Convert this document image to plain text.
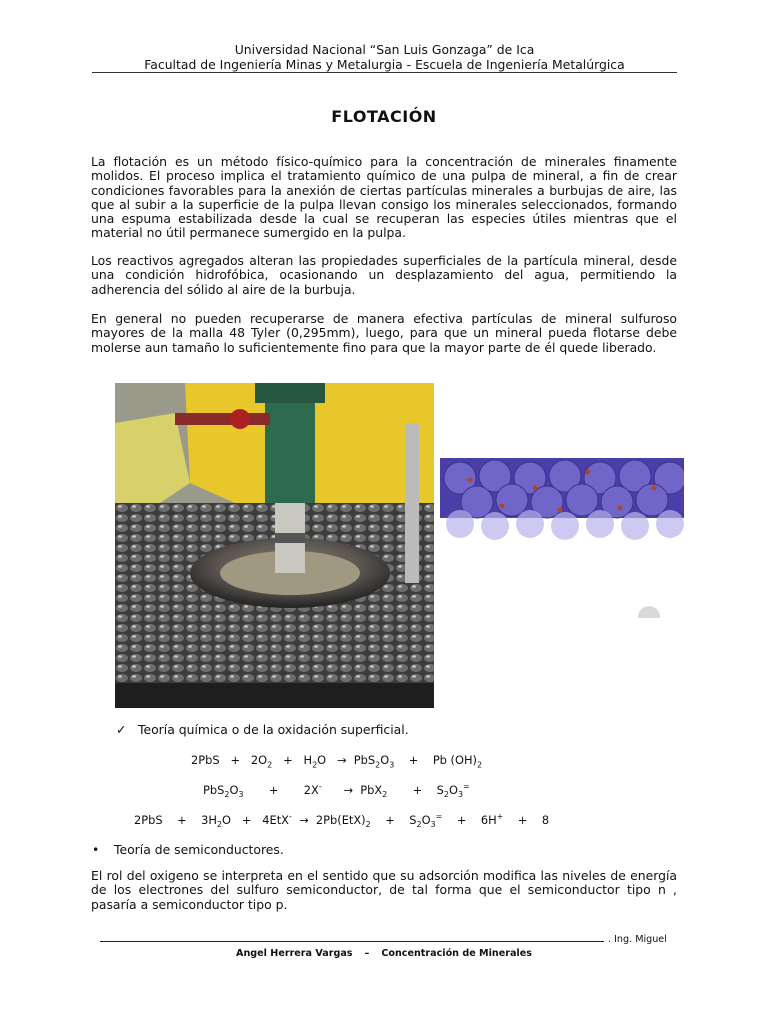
Universidad Nacional “San Luis Gonzaga” de Ica
Facultad de Ingeniería Minas y Metalurgia - Escuela de Ingeniería Metalúrgica
FLOTACIÓN
La flotación es un método físico-químico para la concentración de minerales finamente molidos. El proceso implica el tratamiento químico de una pulpa de mineral, a fin de crear condiciones favorables para la anexión de ciertas partículas minerales a burbujas de aire, las que al subir a la superficie de la pulpa llevan consigo los minerales seleccionados, formando una espuma estabilizada desde la cual se recuperan las especies útiles mientras que el material no útil permanece sumergido en la pulpa.
Los reactivos agregados alteran las propiedades superficiales de la partícula mineral, desde una condición hidrofóbica, ocasionando un desplazamiento del agua, permitiendo la adherencia del sólido al aire de la burbuja.
En general no pueden recuperarse de manera efectiva partículas de mineral sulfuroso mayores de la malla 48 Tyler (0,295mm), luego, para que un mineral pueda flotarse debe molerse aun tamaño lo suficientemente fino para que la mayor parte de él quede liberado.
✓ Teoría química o de la oxidación superficial.
$2PbS + 2O_2 + H_2O \to PbS_2O_3 + Pb$ $(OH)_2$
$PbS_2O_3 + 2X^- \to PbX_2 + S_2O_3^=$
$2PbS + 3H_2O + 4EtX^- \to 2Pb(EtX)_2 + S_2O_3^= + 6H^+ + 8$
• Teoría de semiconductores.
El rol del oxigeno se interpreta en el sentido que su adsorción modifica las niveles de energía de los electrones del sulfuro semiconductor, de tal forma que el semiconductor tipo n , pasaría a semiconductor tipo p.
. Ing. Miguel
Angel Herrera Vargas – Concentración de Minerales
